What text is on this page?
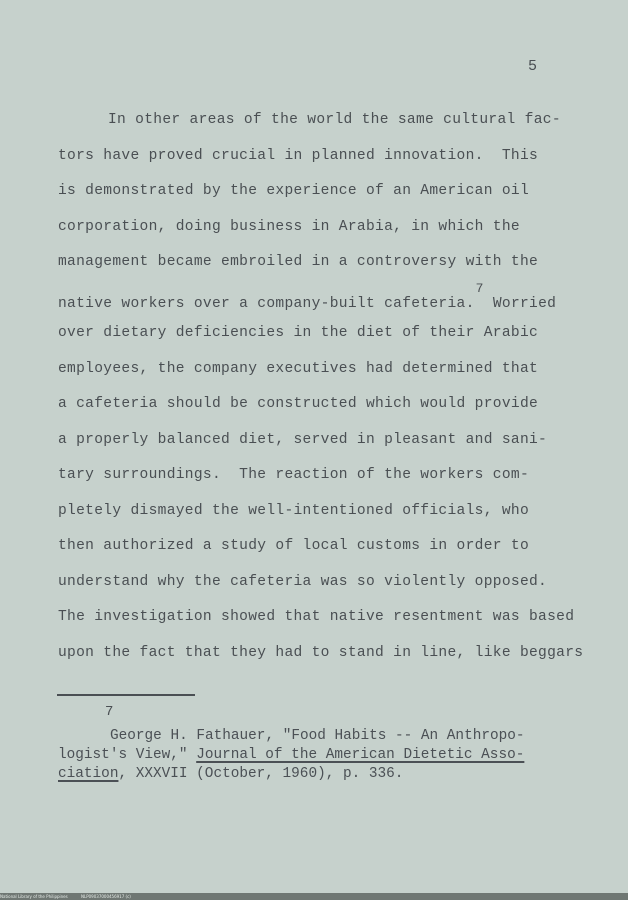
5
In other areas of the world the same cultural fac-
tors have proved crucial in planned innovation.  This
is demonstrated by the experience of an American oil
corporation, doing business in Arabia, in which the
management became embroiled in a controversy with the
native workers over a company-built cafeteria.$^7$ Worried
over dietary deficiencies in the diet of their Arabic
employees, the company executives had determined that
a cafeteria should be constructed which would provide
a properly balanced diet, served in pleasant and sani-
tary surroundings.  The reaction of the workers com-
pletely dismayed the well-intentioned officials, who
then authorized a study of local customs in order to
understand why the cafeteria was so violently opposed.
The investigation showed that native resentment was based
upon the fact that they had to stand in line, like beggars
7
George H. Fathauer, "Food Habits -- An Anthropo-
logist's View," Journal of the American Dietetic Asso-
ciation, XXXVII (October, 1960), p. 336.
National Library of the Philippines	NLP09037000456917 (c)
